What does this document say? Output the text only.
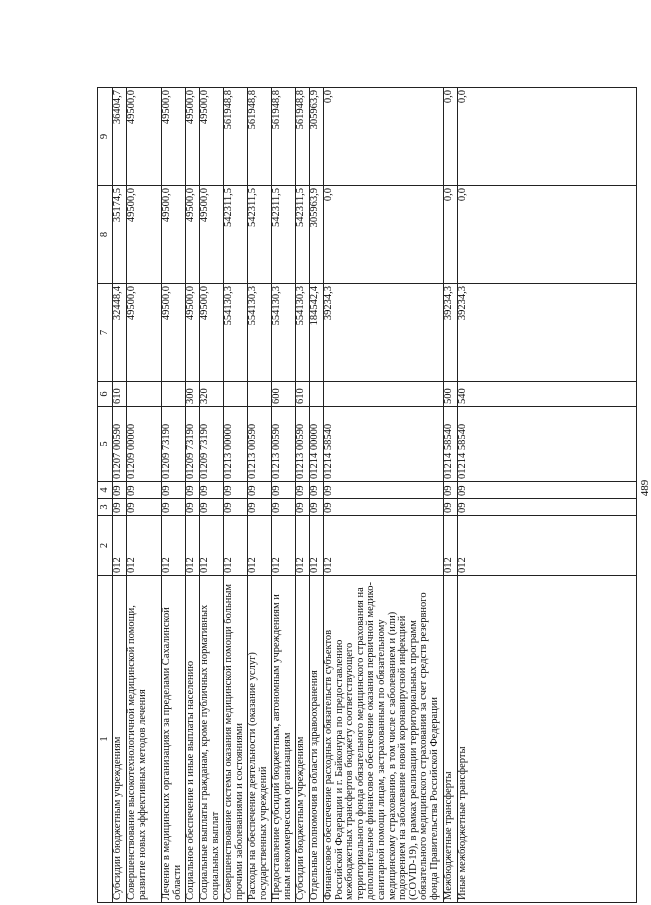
1	2	3	4	5	6	7	8	9
Субсидии бюджетным учреждениям	012	09	09	01207 00590	610	32448,4	35174,5	36404,7
Совершенствование высокотехнологичной медицинской помощи, развитие новых эффективных методов лечения	012	09	09	01209 00000		49500,0	49500,0	49500,0
Лечение в медицинских организациях за пределами Сахалинской области	012	09	09	01209 73190		49500,0	49500,0	49500,0
Социальное обеспечение и иные выплаты населению	012	09	09	01209 73190	300	49500,0	49500,0	49500,0
Социальные выплаты гражданам, кроме публичных нормативных социальных выплат	012	09	09	01209 73190	320	49500,0	49500,0	49500,0
Совершенствование системы оказания медицинской помощи больным прочими заболеваниями и состояниями	012	09	09	01213 00000		554130,3	542311,5	561948,8
Расходы на обеспечение деятельности (оказание услуг) государственных учреждений	012	09	09	01213 00590		554130,3	542311,5	561948,8
Предоставление субсидий бюджетным, автономным учреждениям и иным некоммерческим организациям	012	09	09	01213 00590	600	554130,3	542311,5	561948,8
Субсидии бюджетным учреждениям	012	09	09	01213 00590	610	554130,3	542311,5	561948,8
Отдельные полномочия в области здравоохранения	012	09	09	01214 00000		184542,4	305963,9	305963,9
Финансовое обеспечение расходных обязательств субъектов Российской Федерации и г. Байконура по предоставлению межбюджетных трансфертов бюджету соответствующего территориального фонда обязательного медицинского страхования на дополнительное финансовое обеспечение оказания первичной медико-санитарной помощи лицам, застрахованным по обязательному медицинскому страхованию, в том числе с заболеванием и (или) подозрением на заболевание новой коронавирусной инфекцией (COVID-19), в рамках реализации территориальных программ обязательного медицинского страхования за счет средств резервного фонда Правительства Российской Федерации	012	09	09	01214 58540		39234,3	0,0	0,0
Межбюджетные трансферты	012	09	09	01214 58540	500	39234,3	0,0	0,0
Иные межбюджетные трансферты	012	09	09	01214 58540	540	39234,3	0,0	0,0
489
